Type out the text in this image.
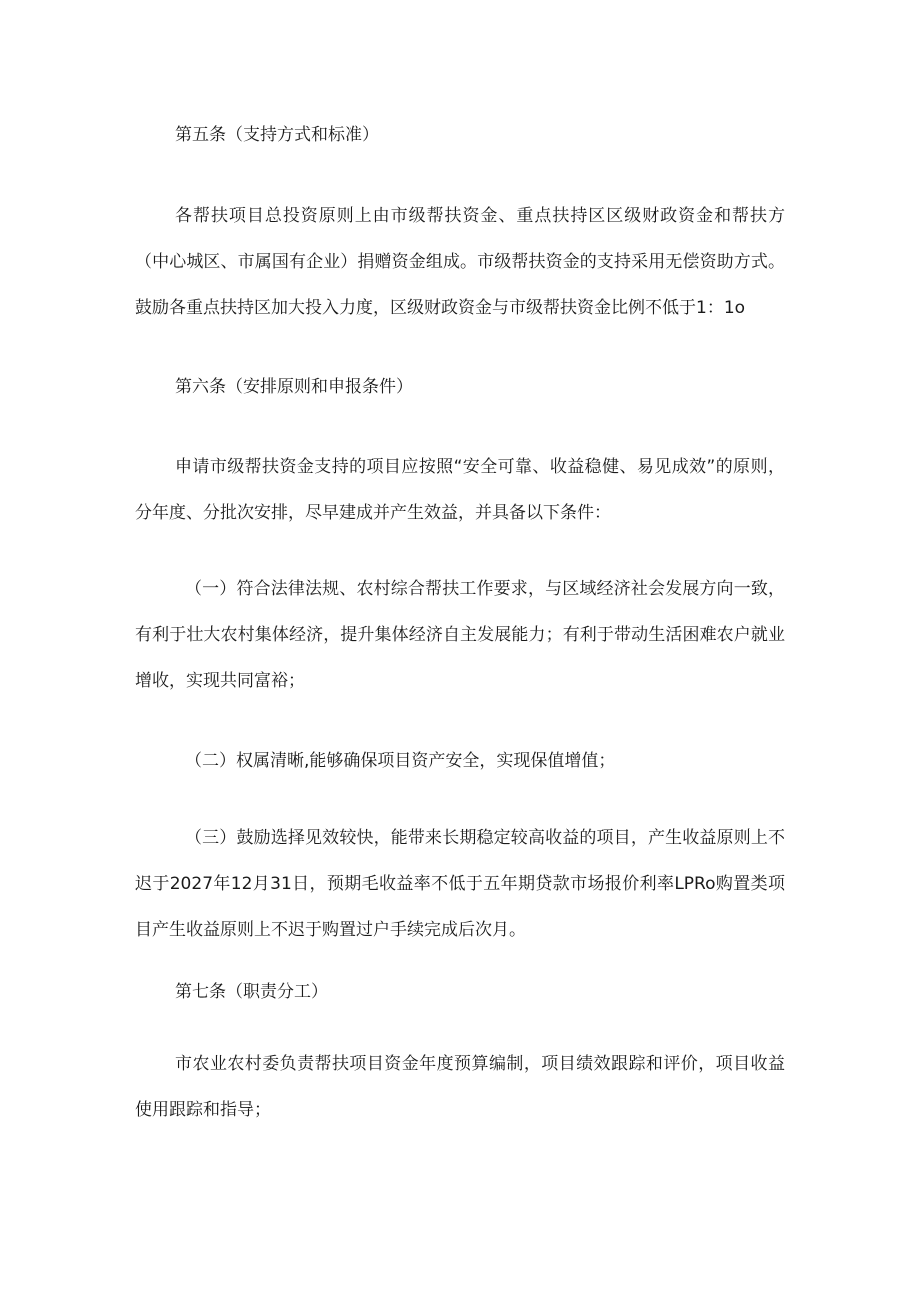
第五条（支持方式和标准）

各帮扶项目总投资原则上由市级帮扶资金、重点扶持区区级财政资金和帮扶方（中心城区、市属国有企业）捐赠资金组成。市级帮扶资金的支持采用无偿资助方式。鼓励各重点扶持区加大投入力度，区级财政资金与市级帮扶资金比例不低于1：1o

第六条（安排原则和申报条件）

申请市级帮扶资金支持的项目应按照“安全可靠、收益稳健、易见成效”的原则，分年度、分批次安排，尽早建成并产生效益，并具备以下条件：

（一）符合法律法规、农村综合帮扶工作要求，与区域经济社会发展方向一致，有利于壮大农村集体经济，提升集体经济自主发展能力；有利于带动生活困难农户就业增收，实现共同富裕；

（二）权属清晰,能够确保项目资产安全，实现保值增值；

（三）鼓励选择见效较快，能带来长期稳定较高收益的项目，产生收益原则上不迟于2027年12月31日，预期毛收益率不低于五年期贷款市场报价利率LPRo购置类项目产生收益原则上不迟于购置过户手续完成后次月。

第七条（职责分工）

市农业农村委负责帮扶项目资金年度预算编制，项目绩效跟踪和评价，项目收益使用跟踪和指导；
